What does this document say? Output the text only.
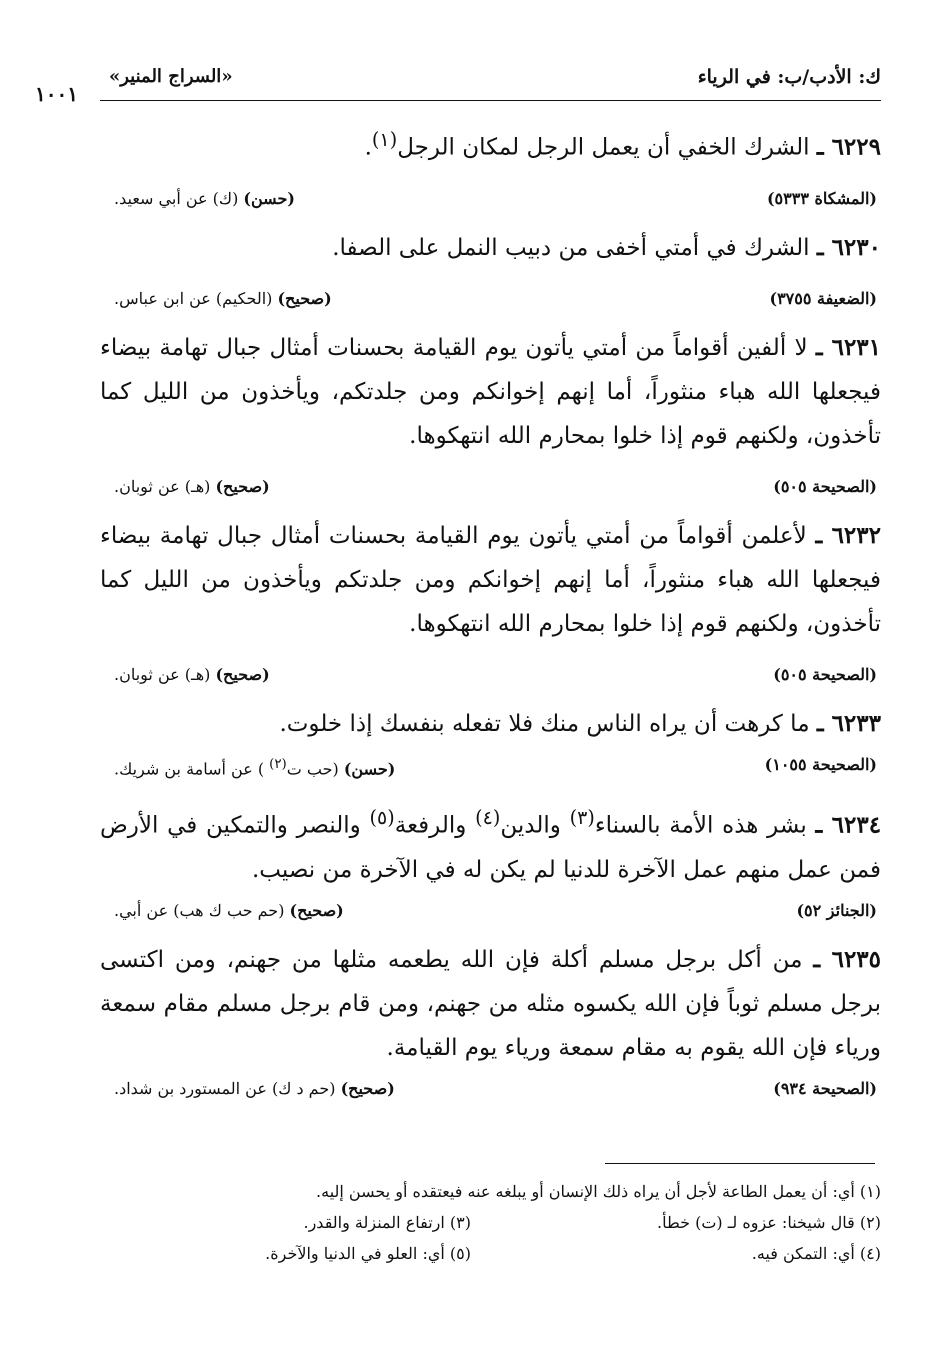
ك: الأدب/ب: في الرياء
«السراج المنير»
١٠٠١

٦٢٢٩ ـ الشرك الخفي أن يعمل الرجل لمكان الرجل$^{(١)}$.

(حسن) (ك) عن أبي سعيد.	(المشكاة ٥٣٣٣)

٦٢٣٠ ـ الشرك في أمتي أخفى من دبيب النمل على الصفا.

(صحيح) (الحكيم) عن ابن عباس.	(الضعيفة ٣٧٥٥)

٦٢٣١ ـ لا ألفين أقواماً من أمتي يأتون يوم القيامة بحسنات أمثال جبال تهامة بيضاء فيجعلها الله هباء منثوراً، أما إنهم إخوانكم ومن جلدتكم، ويأخذون من الليل كما تأخذون، ولكنهم قوم إذا خلوا بمحارم الله انتهكوها.

(صحيح) (هـ) عن ثوبان.	(الصحيحة ٥٠٥)

٦٢٣٢ ـ لأعلمن أقواماً من أمتي يأتون يوم القيامة بحسنات أمثال جبال تهامة بيضاء فيجعلها الله هباء منثوراً، أما إنهم إخوانكم ومن جلدتكم ويأخذون من الليل كما تأخذون، ولكنهم قوم إذا خلوا بمحارم الله انتهكوها.

(صحيح) (هـ) عن ثوبان.	(الصحيحة ٥٠٥)

٦٢٣٣ ـ ما كرهت أن يراه الناس منك فلا تفعله بنفسك إذا خلوت.

(حسن) (حب ت$^{(٢)}$ ) عن أسامة بن شريك.	(الصحيحة ١٠٥٥)

٦٢٣٤ ـ بشر هذه الأمة بالسناء$^{(٣)}$ والدين$^{(٤)}$ والرفعة$^{(٥)}$ والنصر والتمكين في الأرض فمن عمل منهم عمل الآخرة للدنيا لم يكن له في الآخرة من نصيب.

(صحيح) (حم حب ك هب) عن أبي.	(الجنائز ٥٢)

٦٢٣٥ ـ من أكل برجل مسلم أكلة فإن الله يطعمه مثلها من جهنم، ومن اكتسى برجل مسلم ثوباً فإن الله يكسوه مثله من جهنم، ومن قام برجل مسلم مقام سمعة ورياء فإن الله يقوم به مقام سمعة ورياء يوم القيامة.

(صحيح) (حم د ك) عن المستورد بن شداد.	(الصحيحة ٩٣٤)
(١) أي: أن يعمل الطاعة لأجل أن يراه ذلك الإنسان أو يبلغه عنه فيعتقده أو يحسن إليه.
(٢) قال شيخنا: عزوه لـ (ت) خطأ.
(٣) ارتفاع المنزلة والقدر.
(٤) أي: التمكن فيه.
(٥) أي: العلو في الدنيا والآخرة.
